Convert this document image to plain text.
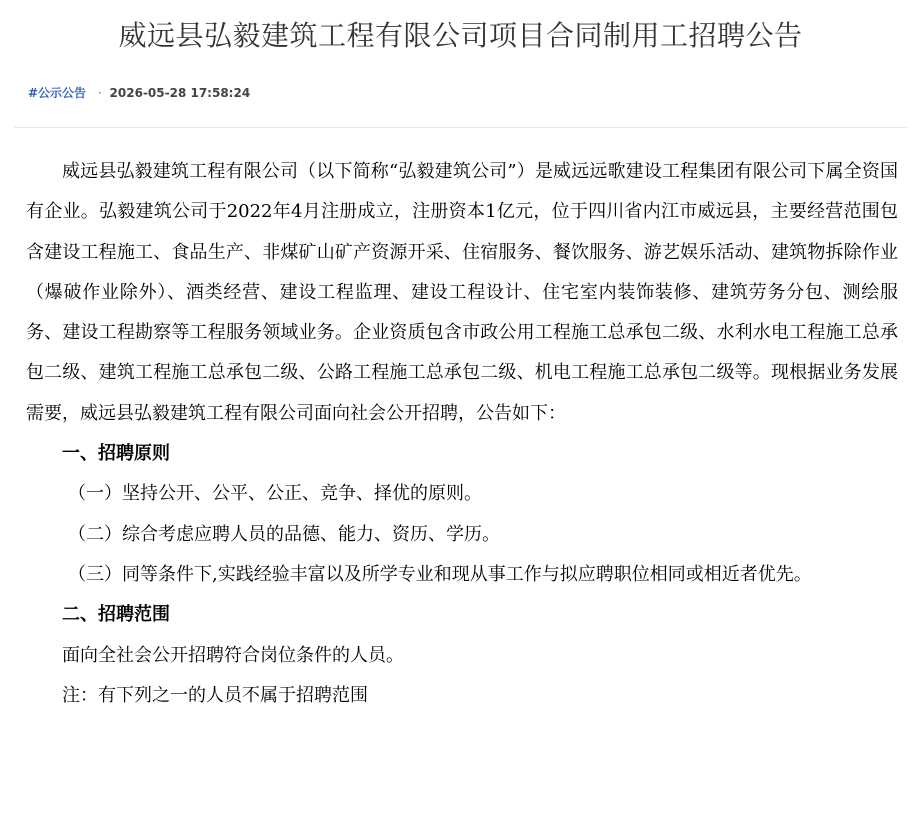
威远县弘毅建筑工程有限公司项目合同制用工招聘公告
#公示公告 · 2026-05-28 17:58:24

威远县弘毅建筑工程有限公司（以下简称“弘毅建筑公司”）是威远远歌建设工程集团有限公司下属全资国有企业。弘毅建筑公司于2022年4月注册成立，注册资本1亿元，位于四川省内江市威远县，主要经营范围包含建设工程施工、食品生产、非煤矿山矿产资源开采、住宿服务、餐饮服务、游艺娱乐活动、建筑物拆除作业（爆破作业除外）、酒类经营、建设工程监理、建设工程设计、住宅室内装饰装修、建筑劳务分包、测绘服务、建设工程勘察等工程服务领域业务。企业资质包含市政公用工程施工总承包二级、水利水电工程施工总承包二级、建筑工程施工总承包二级、公路工程施工总承包二级、机电工程施工总承包二级等。现根据业务发展需要，威远县弘毅建筑工程有限公司面向社会公开招聘，公告如下：

一、招聘原则

（一）坚持公开、公平、公正、竞争、择优的原则。

（二）综合考虑应聘人员的品德、能力、资历、学历。

（三）同等条件下,实践经验丰富以及所学专业和现从事工作与拟应聘职位相同或相近者优先。

二、招聘范围

面向全社会公开招聘符合岗位条件的人员。

注：有下列之一的人员不属于招聘范围
